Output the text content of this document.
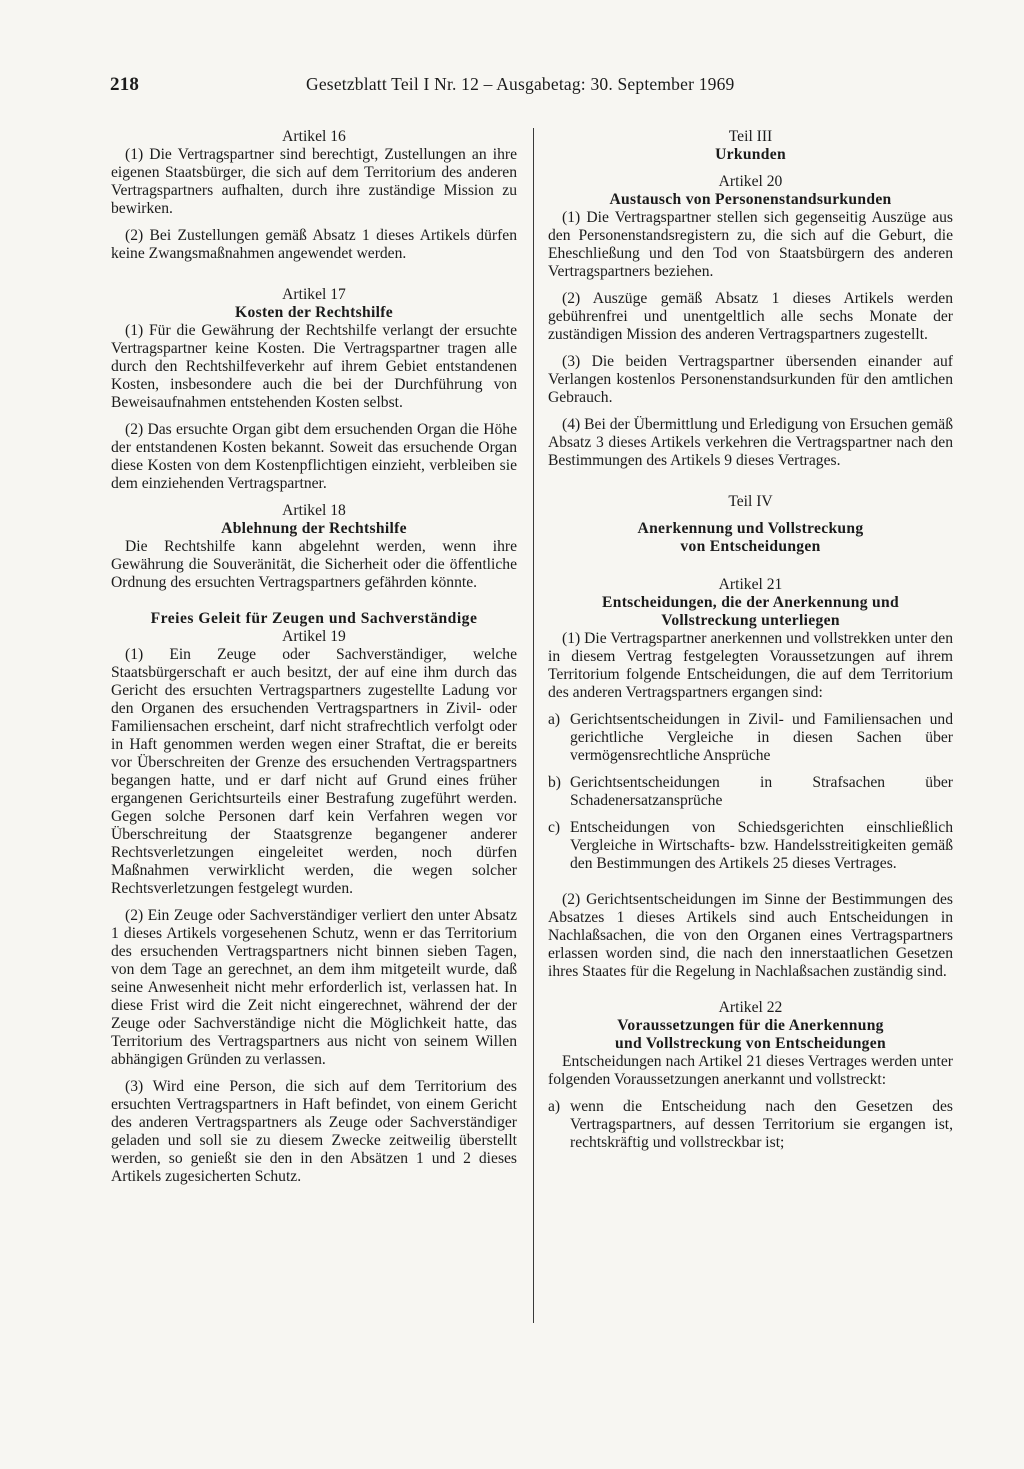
218	Gesetzblatt Teil I Nr. 12 – Ausgabetag: 30. September 1969

Artikel 16

(1) Die Vertragspartner sind berechtigt, Zustellungen an ihre eigenen Staatsbürger, die sich auf dem Territorium des anderen Vertragspartners aufhalten, durch ihre zuständige Mission zu bewirken.

(2) Bei Zustellungen gemäß Absatz 1 dieses Artikels dürfen keine Zwangsmaßnahmen angewendet werden.

Artikel 17

Kosten der Rechtshilfe

(1) Für die Gewährung der Rechtshilfe verlangt der ersuchte Vertragspartner keine Kosten. Die Vertragspartner tragen alle durch den Rechtshilfeverkehr auf ihrem Gebiet entstandenen Kosten, insbesondere auch die bei der Durchführung von Beweisaufnahmen entstehenden Kosten selbst.

(2) Das ersuchte Organ gibt dem ersuchenden Organ die Höhe der entstandenen Kosten bekannt. Soweit das ersuchende Organ diese Kosten von dem Kostenpflichtigen einzieht, verbleiben sie dem einziehenden Vertragspartner.

Artikel 18

Ablehnung der Rechtshilfe

Die Rechtshilfe kann abgelehnt werden, wenn ihre Gewährung die Souveränität, die Sicherheit oder die öffentliche Ordnung des ersuchten Vertragspartners gefährden könnte.

Freies Geleit für Zeugen und Sachverständige

Artikel 19

(1) Ein Zeuge oder Sachverständiger, welche Staatsbürgerschaft er auch besitzt, der auf eine ihm durch das Gericht des ersuchten Vertragspartners zugestellte Ladung vor den Organen des ersuchenden Vertragspartners in Zivil- oder Familiensachen erscheint, darf nicht strafrechtlich verfolgt oder in Haft genommen werden wegen einer Straftat, die er bereits vor Überschreiten der Grenze des ersuchenden Vertragspartners begangen hatte, und er darf nicht auf Grund eines früher ergangenen Gerichtsurteils einer Bestrafung zugeführt werden. Gegen solche Personen darf kein Verfahren wegen vor Überschreitung der Staatsgrenze begangener anderer Rechtsverletzungen eingeleitet werden, noch dürfen Maßnahmen verwirklicht werden, die wegen solcher Rechtsverletzungen festgelegt wurden.

(2) Ein Zeuge oder Sachverständiger verliert den unter Absatz 1 dieses Artikels vorgesehenen Schutz, wenn er das Territorium des ersuchenden Vertragspartners nicht binnen sieben Tagen, von dem Tage an gerechnet, an dem ihm mitgeteilt wurde, daß seine Anwesenheit nicht mehr erforderlich ist, verlassen hat. In diese Frist wird die Zeit nicht eingerechnet, während der der Zeuge oder Sachverständige nicht die Möglichkeit hatte, das Territorium des Vertragspartners aus nicht von seinem Willen abhängigen Gründen zu verlassen.

(3) Wird eine Person, die sich auf dem Territorium des ersuchten Vertragspartners in Haft befindet, von einem Gericht des anderen Vertragspartners als Zeuge oder Sachverständiger geladen und soll sie zu diesem Zwecke zeitweilig überstellt werden, so genießt sie den in den Absätzen 1 und 2 dieses Artikels zugesicherten Schutz.

Teil III

Urkunden

Artikel 20

Austausch von Personenstandsurkunden

(1) Die Vertragspartner stellen sich gegenseitig Auszüge aus den Personenstandsregistern zu, die sich auf die Geburt, die Eheschließung und den Tod von Staatsbürgern des anderen Vertragspartners beziehen.

(2) Auszüge gemäß Absatz 1 dieses Artikels werden gebührenfrei und unentgeltlich alle sechs Monate der zuständigen Mission des anderen Vertragspartners zugestellt.

(3) Die beiden Vertragspartner übersenden einander auf Verlangen kostenlos Personenstandsurkunden für den amtlichen Gebrauch.

(4) Bei der Übermittlung und Erledigung von Ersuchen gemäß Absatz 3 dieses Artikels verkehren die Vertragspartner nach den Bestimmungen des Artikels 9 dieses Vertrages.

Teil IV

Anerkennung und Vollstreckung

von Entscheidungen

Artikel 21

Entscheidungen, die der Anerkennung und

Vollstreckung unterliegen

(1) Die Vertragspartner anerkennen und vollstrekken unter den in diesem Vertrag festgelegten Voraussetzungen auf ihrem Territorium folgende Entscheidungen, die auf dem Territorium des anderen Vertragspartners ergangen sind:

a) Gerichtsentscheidungen in Zivil- und Familiensachen und gerichtliche Vergleiche in diesen Sachen über vermögensrechtliche Ansprüche
b) Gerichtsentscheidungen in Strafsachen über Schadenersatzansprüche
c) Entscheidungen von Schiedsgerichten einschließlich Vergleiche in Wirtschafts- bzw. Handelsstreitigkeiten gemäß den Bestimmungen des Artikels 25 dieses Vertrages.

(2) Gerichtsentscheidungen im Sinne der Bestimmungen des Absatzes 1 dieses Artikels sind auch Entscheidungen in Nachlaßsachen, die von den Organen eines Vertragspartners erlassen worden sind, die nach den innerstaatlichen Gesetzen ihres Staates für die Regelung in Nachlaßsachen zuständig sind.

Artikel 22

Voraussetzungen für die Anerkennung

und Vollstreckung von Entscheidungen

Entscheidungen nach Artikel 21 dieses Vertrages werden unter folgenden Voraussetzungen anerkannt und vollstreckt:

a) wenn die Entscheidung nach den Gesetzen des Vertragspartners, auf dessen Territorium sie ergangen ist, rechtskräftig und vollstreckbar ist;
